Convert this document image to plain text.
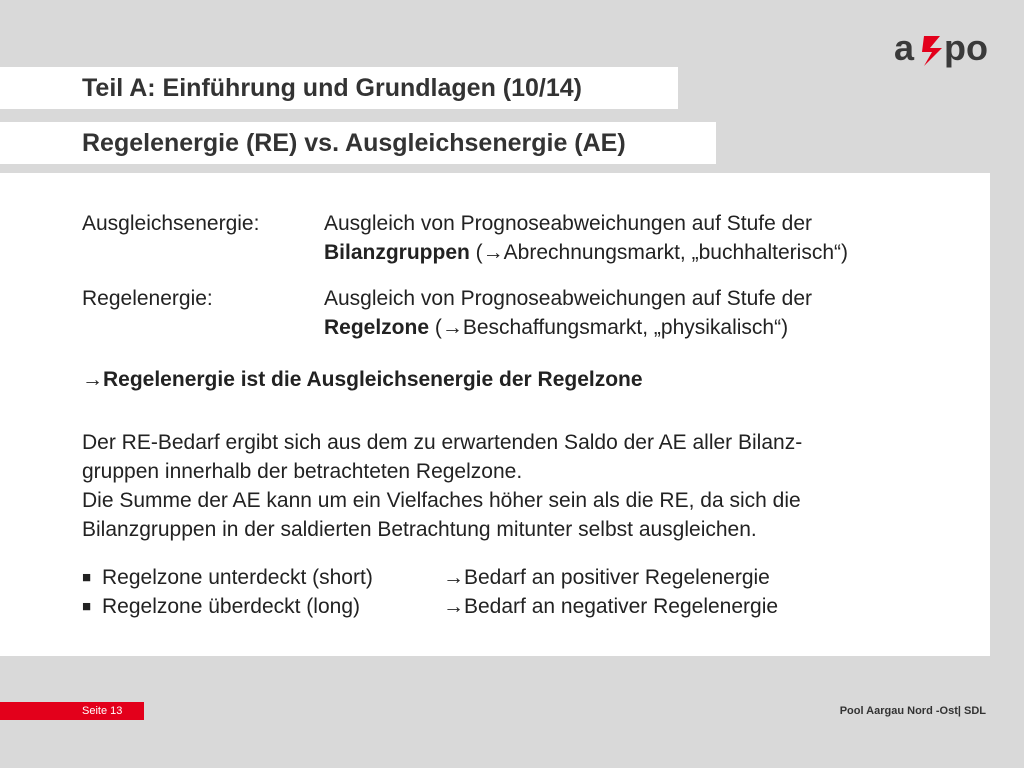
a po
axpo
Teil A: Einführung und Grundlagen (10/14)
Regelenergie (RE) vs. Ausgleichsenergie (AE)
Ausgleichsenergie:	Ausgleich von Prognoseabweichungen auf Stufe der
Bilanzgruppen (→Abrechnungsmarkt, „buchhalterisch“)
Regelenergie:	Ausgleich von Prognoseabweichungen auf Stufe der
Regelzone (→Beschaffungsmarkt, „physikalisch“)
→Regelenergie ist die Ausgleichsenergie der Regelzone
Der RE-Bedarf ergibt sich aus dem zu erwartenden Saldo der AE aller Bilanz-
gruppen innerhalb der betrachteten Regelzone.
Die Summe der AE kann um ein Vielfaches höher sein als die RE, da sich die
Bilanzgruppen in der saldierten Betrachtung mitunter selbst ausgleichen.
■ Regelzone unterdeckt (short)	→Bedarf an positiver Regelenergie
■ Regelzone überdeckt (long)	→Bedarf an negativer Regelenergie
Seite 13	Pool Aargau Nord -Ost| SDL
